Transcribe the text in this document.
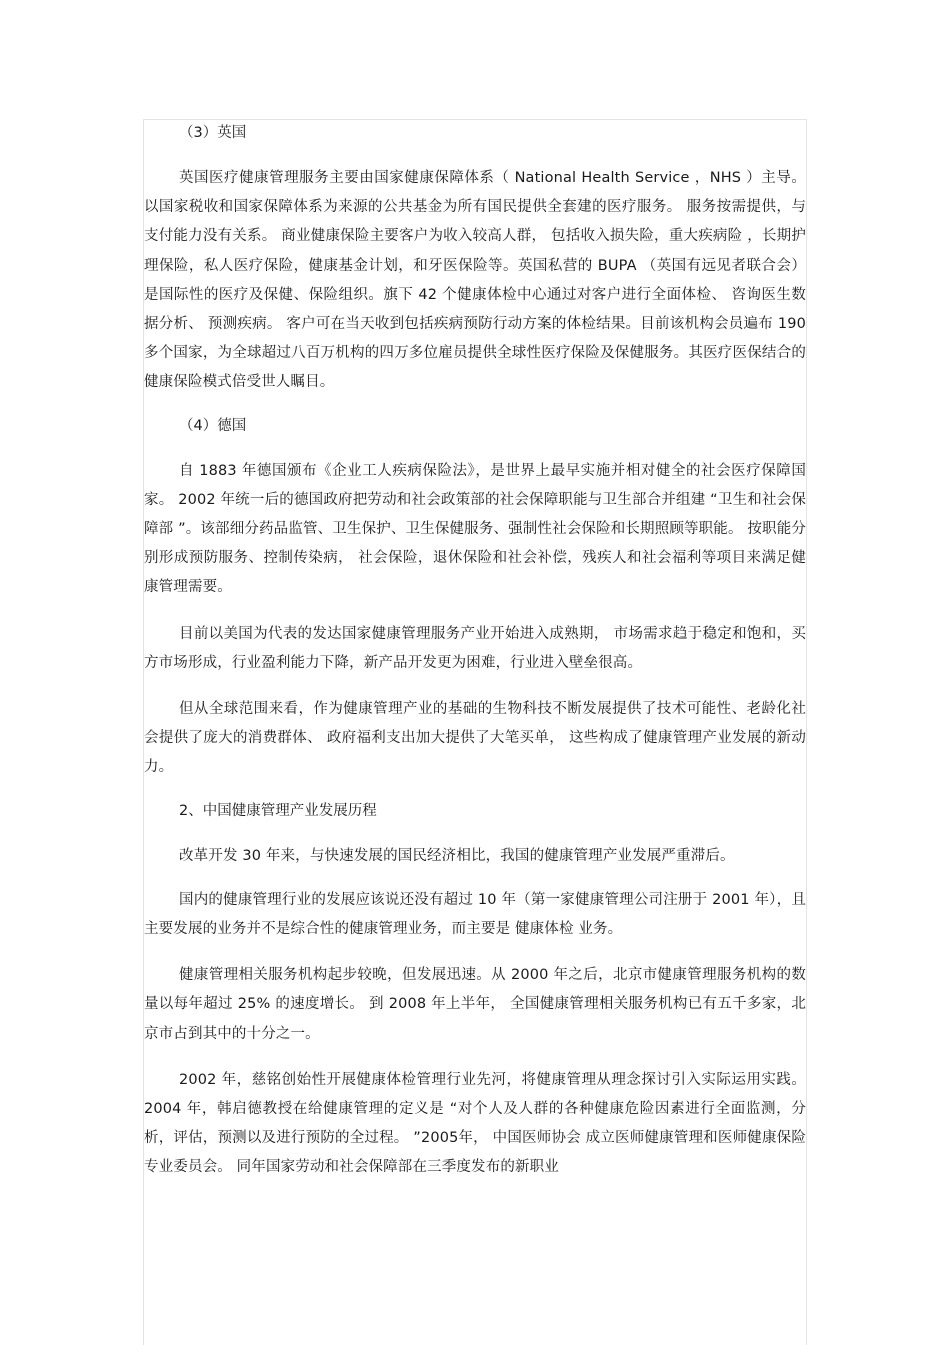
（3）英国

英国医疗健康管理服务主要由国家健康保障体系（ National Health Service ，NHS ）主导。以国家税收和国家保障体系为来源的公共基金为所有国民提供全套建的医疗服务。 服务按需提供，与支付能力没有关系。 商业健康保险主要客户为收入较高人群， 包括收入损失险，重大疾病险 ，长期护理保险，私人医疗保险，健康基金计划，和牙医保险等。英国私营的 BUPA （英国有远见者联合会）是国际性的医疗及保健、保险组织。旗下 42 个健康体检中心通过对客户进行全面体检、 咨询医生数据分析、 预测疾病。 客户可在当天收到包括疾病预防行动方案的体检结果。目前该机构会员遍布 190 多个国家，为全球超过八百万机构的四万多位雇员提供全球性医疗保险及保健服务。其医疗医保结合的健康保险模式倍受世人瞩目。

（4）德国

自 1883 年德国颁布《企业工人疾病保险法》，是世界上最早实施并相对健全的社会医疗保障国家。 2002 年统一后的德国政府把劳动和社会政策部的社会保障职能与卫生部合并组建 “卫生和社会保障部 ”。该部细分药品监管、卫生保护、卫生保健服务、强制性社会保险和长期照顾等职能。 按职能分别形成预防服务、控制传染病， 社会保险，退休保险和社会补偿，残疾人和社会福利等项目来满足健康管理需要。

目前以美国为代表的发达国家健康管理服务产业开始进入成熟期， 市场需求趋于稳定和饱和，买方市场形成，行业盈利能力下降，新产品开发更为困难，行业进入壁垒很高。

但从全球范围来看，作为健康管理产业的基础的生物科技不断发展提供了技术可能性、老龄化社会提供了庞大的消费群体、 政府福利支出加大提供了大笔买单， 这些构成了健康管理产业发展的新动力。

2、中国健康管理产业发展历程

改革开发 30 年来，与快速发展的国民经济相比，我国的健康管理产业发展严重滞后。

国内的健康管理行业的发展应该说还没有超过 10 年（第一家健康管理公司注册于 2001 年），且主要发展的业务并不是综合性的健康管理业务，而主要是 健康体检 业务。

健康管理相关服务机构起步较晚，但发展迅速。从 2000 年之后，北京市健康管理服务机构的数量以每年超过 25% 的速度增长。 到 2008 年上半年， 全国健康管理相关服务机构已有五千多家，北京市占到其中的十分之一。

2002 年，慈铭创始性开展健康体检管理行业先河，将健康管理从理念探讨引入实际运用实践。 2004 年，韩启德教授在给健康管理的定义是 “对个人及人群的各种健康危险因素进行全面监测，分析，评估，预测以及进行预防的全过程。 ”2005年， 中国医师协会 成立医师健康管理和医师健康保险专业委员会。 同年国家劳动和社会保障部在三季度发布的新职业
